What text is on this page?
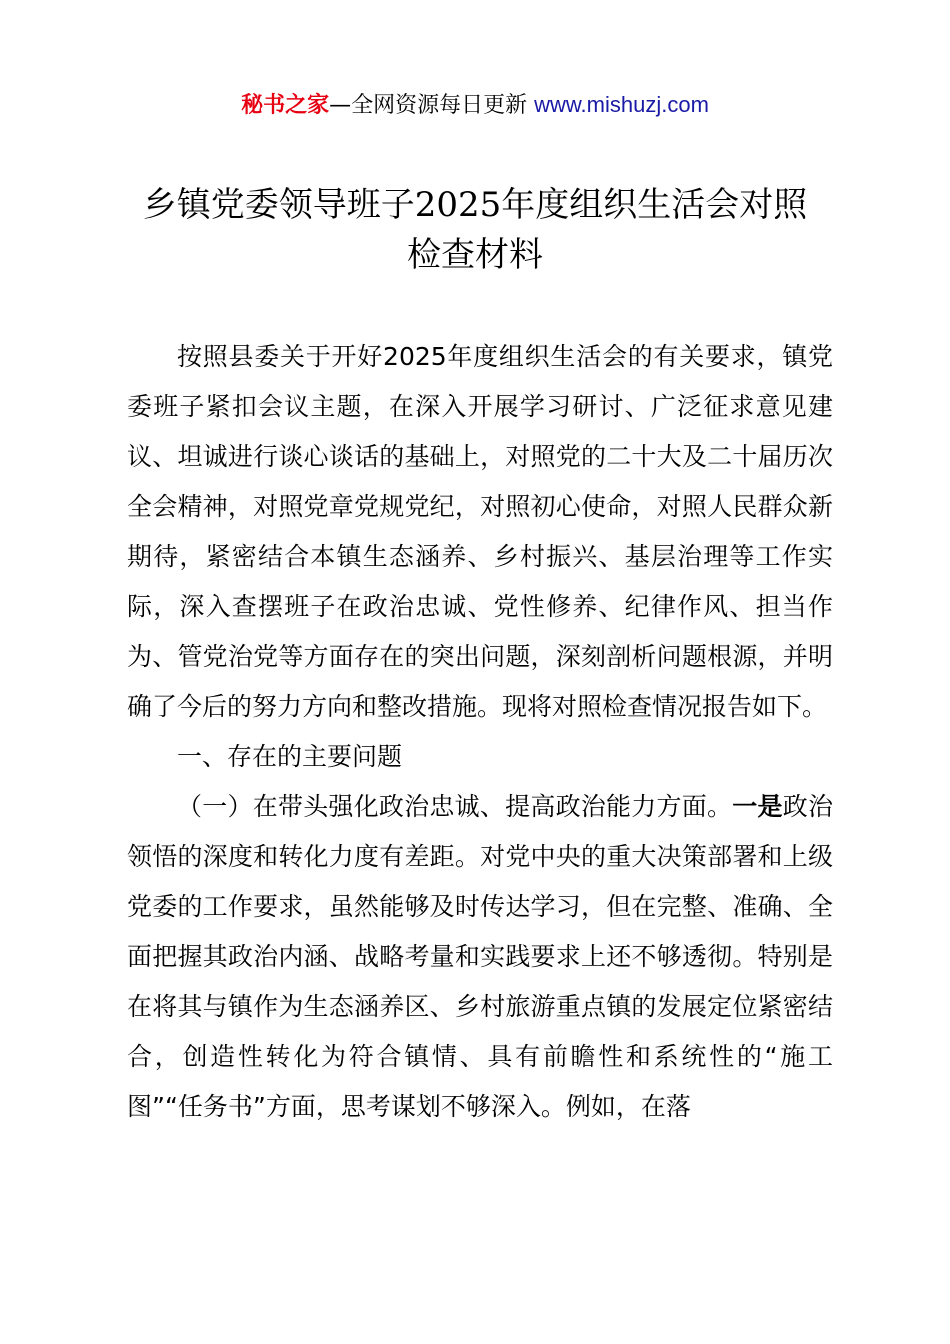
秘书之家—全网资源每日更新 www.mishuzj.com
乡镇党委领导班子2025年度组织生活会对照
检查材料

按照县委关于开好2025年度组织生活会的有关要求，镇党委班子紧扣会议主题，在深入开展学习研讨、广泛征求意见建议、坦诚进行谈心谈话的基础上，对照党的二十大及二十届历次全会精神，对照党章党规党纪，对照初心使命，对照人民群众新期待，紧密结合本镇生态涵养、乡村振兴、基层治理等工作实际，深入查摆班子在政治忠诚、党性修养、纪律作风、担当作为、管党治党等方面存在的突出问题，深刻剖析问题根源，并明确了今后的努力方向和整改措施。现将对照检查情况报告如下。

一、存在的主要问题

（一）在带头强化政治忠诚、提高政治能力方面。一是政治领悟的深度和转化力度有差距。对党中央的重大决策部署和上级党委的工作要求，虽然能够及时传达学习，但在完整、准确、全面把握其政治内涵、战略考量和实践要求上还不够透彻。特别是在将其与镇作为生态涵养区、乡村旅游重点镇的发展定位紧密结合，创造性转化为符合镇情、具有前瞻性和系统性的“施工图”“任务书”方面，思考谋划不够深入。例如，在落
